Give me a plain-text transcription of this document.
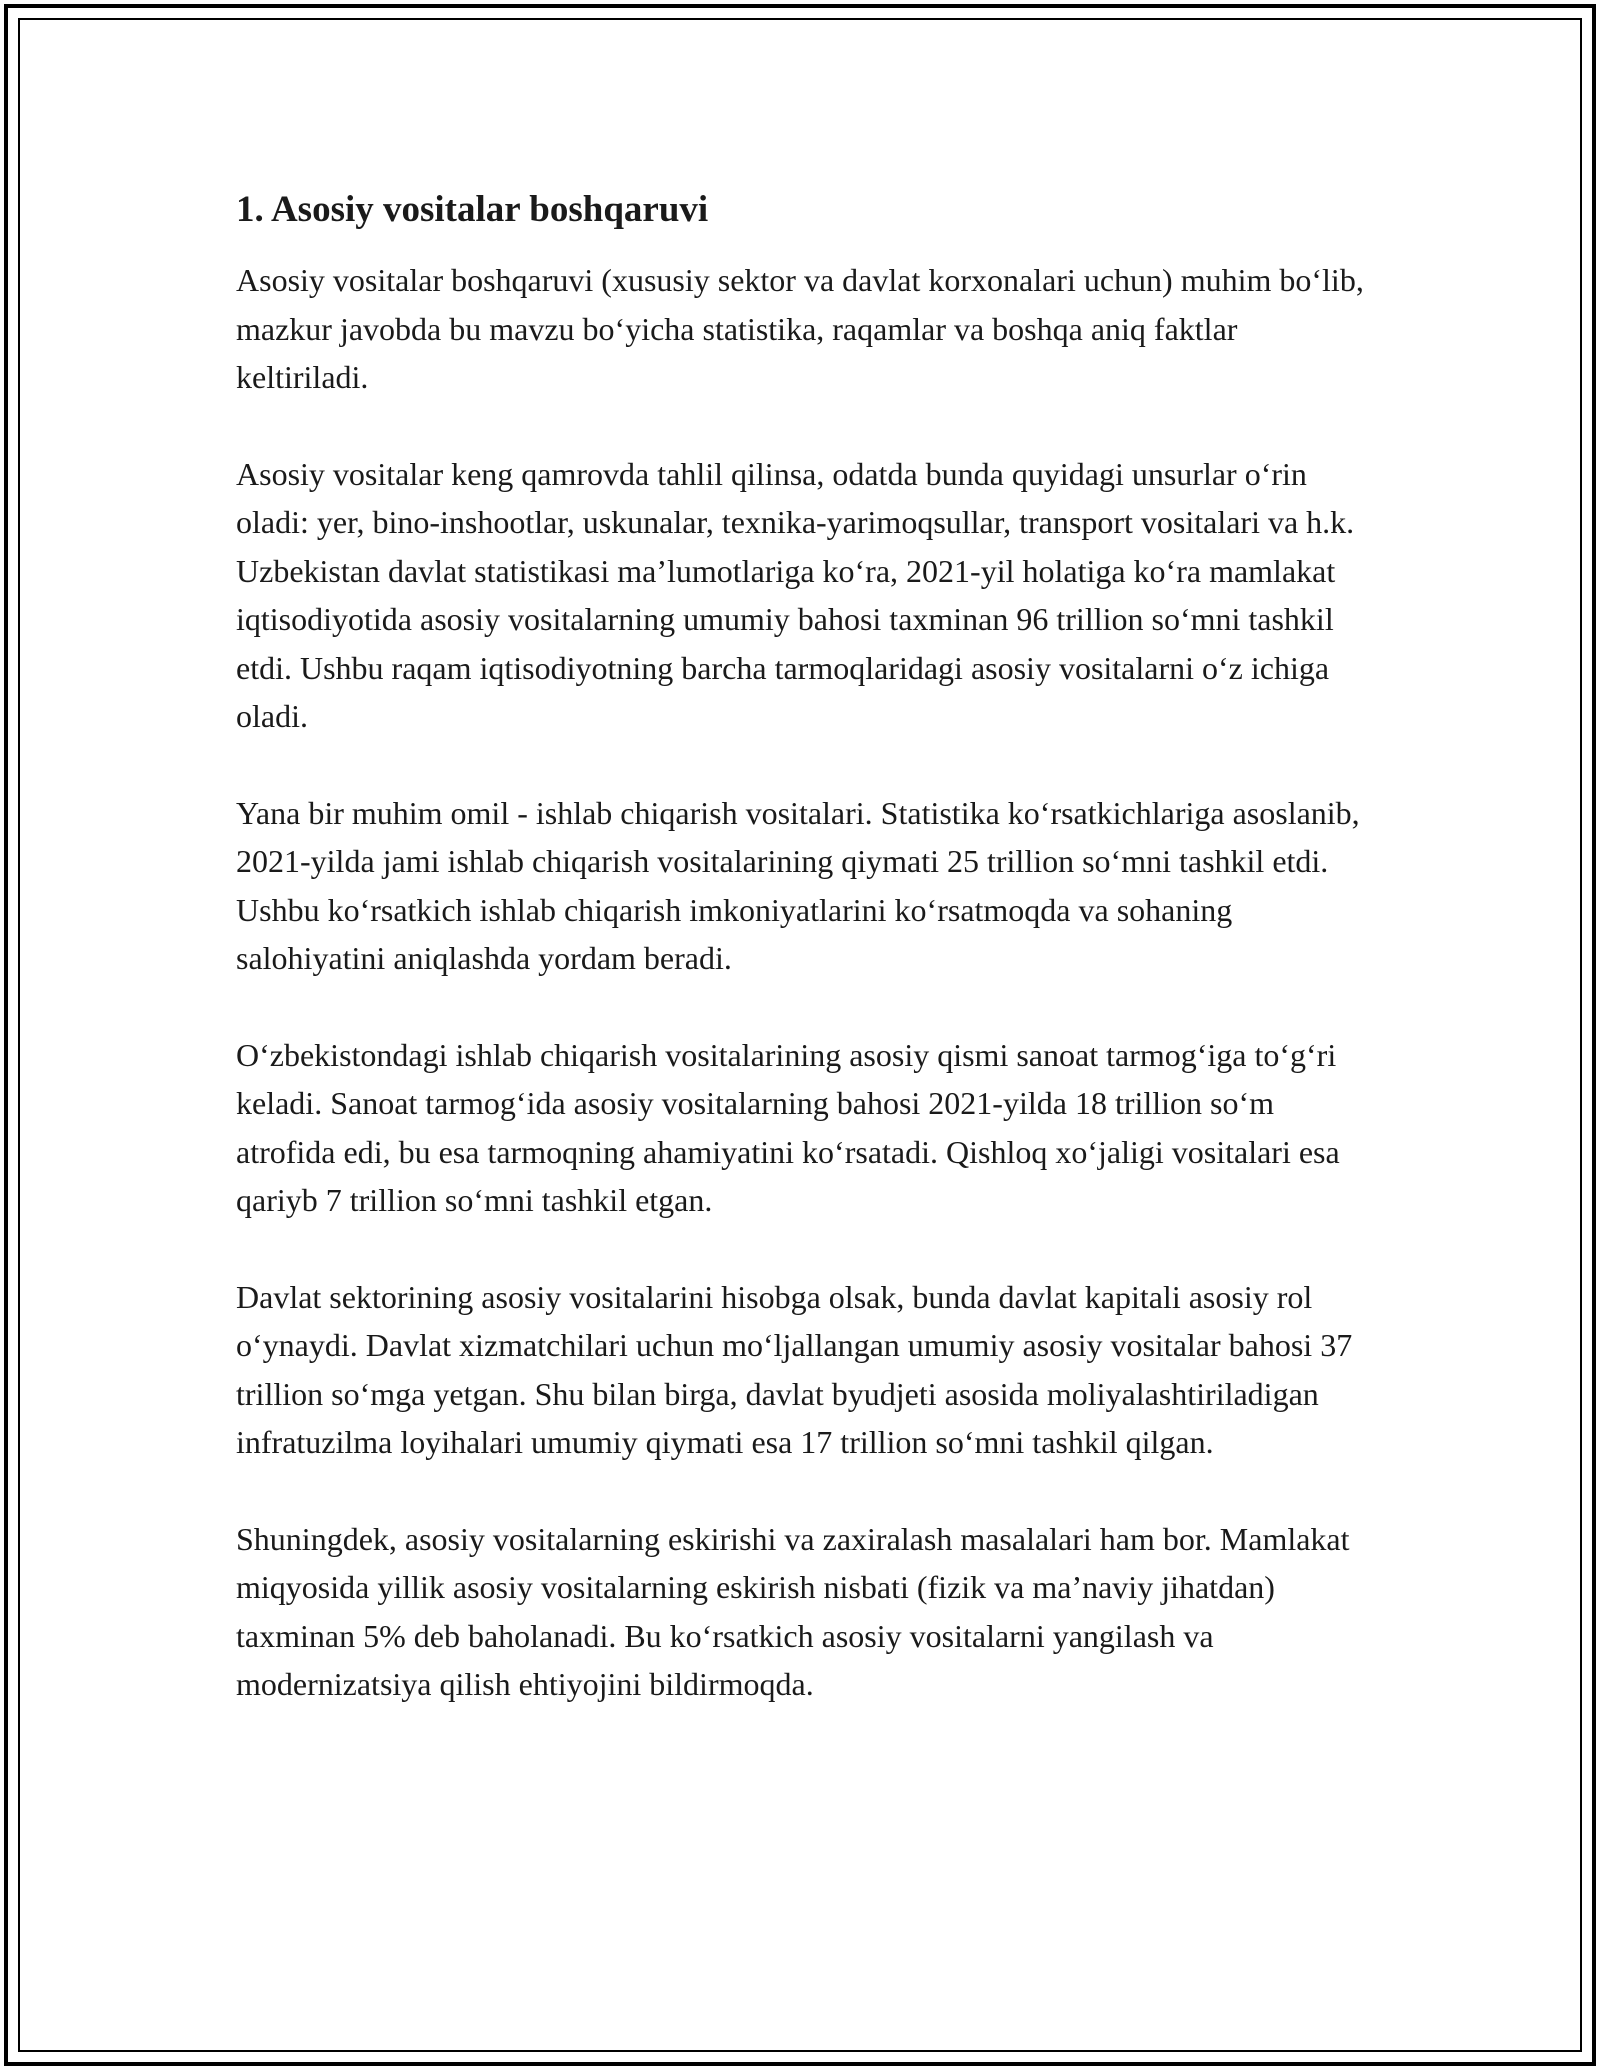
1. Asosiy vositalar boshqaruvi

Asosiy vositalar boshqaruvi (xususiy sektor va davlat korxonalari uchun) muhim bo‘lib, mazkur javobda bu mavzu bo‘yicha statistika, raqamlar va boshqa aniq faktlar keltiriladi.

Asosiy vositalar keng qamrovda tahlil qilinsa, odatda bunda quyidagi unsurlar o‘rin oladi: yer, bino-inshootlar, uskunalar, texnika-yarimoqsullar, transport vositalari va h.k. Uzbekistan davlat statistikasi ma’lumotlariga ko‘ra, 2021-yil holatiga ko‘ra mamlakat iqtisodiyotida asosiy vositalarning umumiy bahosi taxminan 96 trillion so‘mni tashkil etdi. Ushbu raqam iqtisodiyotning barcha tarmoqlaridagi asosiy vositalarni o‘z ichiga oladi.

Yana bir muhim omil - ishlab chiqarish vositalari. Statistika ko‘rsatkichlariga asoslanib, 2021-yilda jami ishlab chiqarish vositalarining qiymati 25 trillion so‘mni tashkil etdi. Ushbu ko‘rsatkich ishlab chiqarish imkoniyatlarini ko‘rsatmoqda va sohaning salohiyatini aniqlashda yordam beradi.

O‘zbekistondagi ishlab chiqarish vositalarining asosiy qismi sanoat tarmog‘iga to‘g‘ri keladi. Sanoat tarmog‘ida asosiy vositalarning bahosi 2021-yilda 18 trillion so‘m atrofida edi, bu esa tarmoqning ahamiyatini ko‘rsatadi. Qishloq xo‘jaligi vositalari esa qariyb 7 trillion so‘mni tashkil etgan.

Davlat sektorining asosiy vositalarini hisobga olsak, bunda davlat kapitali asosiy rol o‘ynaydi. Davlat xizmatchilari uchun mo‘ljallangan umumiy asosiy vositalar bahosi 37 trillion so‘mga yetgan. Shu bilan birga, davlat byudjeti asosida moliyalashtiriladigan infratuzilma loyihalari umumiy qiymati esa 17 trillion so‘mni tashkil qilgan.

Shuningdek, asosiy vositalarning eskirishi va zaxiralash masalalari ham bor. Mamlakat miqyosida yillik asosiy vositalarning eskirish nisbati (fizik va ma’naviy jihatdan) taxminan 5% deb baholanadi. Bu ko‘rsatkich asosiy vositalarni yangilash va modernizatsiya qilish ehtiyojini bildirmoqda.
